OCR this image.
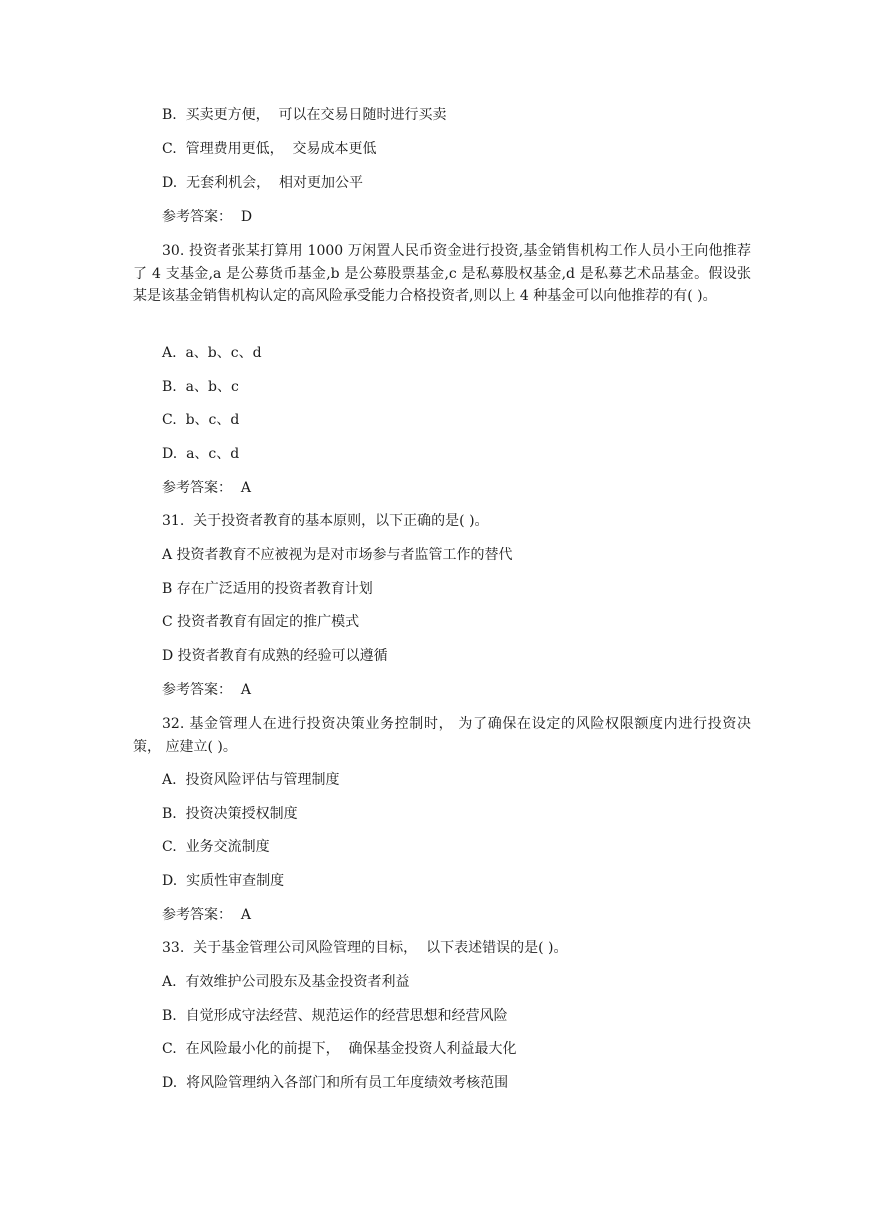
B.  买卖更方便，  可以在交易日随时进行买卖
C.  管理费用更低，  交易成本更低
D.  无套利机会，  相对更加公平
参考答案：  D
30. 投资者张某打算用 1000 万闲置人民币资金进行投资,基金销售机构工作人员小王向他推荐了 4 支基金,a 是公募货币基金,b 是公募股票基金,c 是私募股权基金,d 是私募艺术品基金。假设张某是该基金销售机构认定的高风险承受能力合格投资者,则以上 4 种基金可以向他推荐的有( )。
A.  a、b、c、d
B.  a、b、c
C.  b、c、d
D.  a、c、d
参考答案：  A
31.  关于投资者教育的基本原则，以下正确的是( )。
A 投资者教育不应被视为是对市场参与者监管工作的替代
B 存在广泛适用的投资者教育计划
C 投资者教育有固定的推广模式
D 投资者教育有成熟的经验可以遵循
参考答案：  A
32. 基金管理人在进行投资决策业务控制时， 为了确保在设定的风险权限额度内进行投资决策， 应建立( )。
A.  投资风险评估与管理制度
B.  投资决策授权制度
C.  业务交流制度
D.  实质性审查制度
参考答案：  A
33.  关于基金管理公司风险管理的目标，  以下表述错误的是( )。
A.  有效维护公司股东及基金投资者利益
B.  自觉形成守法经营、规范运作的经营思想和经营风险
C.  在风险最小化的前提下，  确保基金投资人利益最大化
D.  将风险管理纳入各部门和所有员工年度绩效考核范围
